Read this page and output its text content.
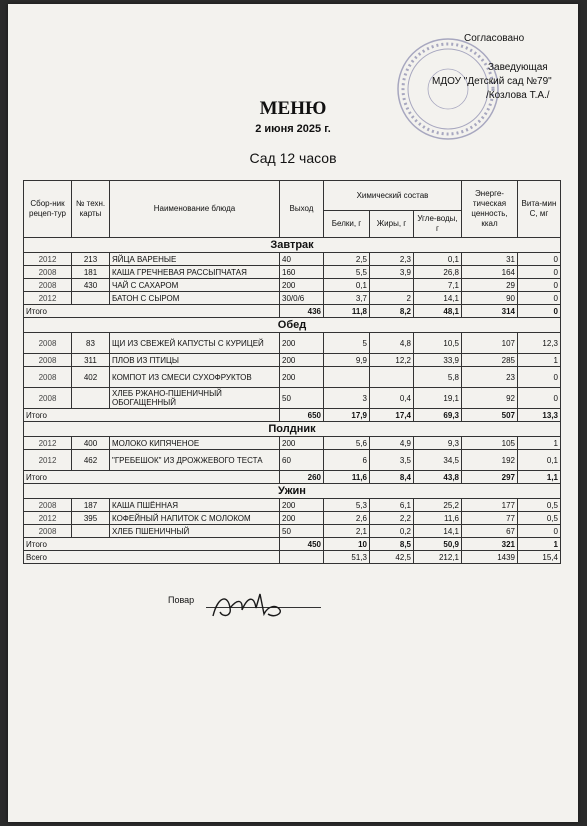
Согласовано
Заведующая
МДОУ "Детский сад №79"
/Козлова Т.А./
МЕНЮ
2 июня 2025 г.
Сад 12 часов
Сбор-ник рецеп-тур	№ техн. карты	Наименование блюда	Выход	Химический состав			Энерге-тическая ценность, ккал	Вита-мин С, мг
				Белки, г	Жиры, г	Угле-воды, г		
Завтрак								
2012	213	ЯЙЦА ВАРЕНЫЕ	40	2,5	2,3	0,1	31	0
2008	181	КАША ГРЕЧНЕВАЯ РАССЫПЧАТАЯ	160	5,5	3,9	26,8	164	0
2008	430	ЧАЙ С САХАРОМ	200	0,1		7,1	29	0
2012		БАТОН С СЫРОМ	30/0/6	3,7	2	14,1	90	0
Итого			436	11,8	8,2	48,1	314	0
Обед								
2008	83	ЩИ ИЗ СВЕЖЕЙ КАПУСТЫ С КУРИЦЕЙ	200	5	4,8	10,5	107	12,3
2008	311	ПЛОВ ИЗ ПТИЦЫ	200	9,9	12,2	33,9	285	1
2008	402	КОМПОТ ИЗ СМЕСИ СУХОФРУКТОВ	200			5,8	23	0
2008		ХЛЕБ РЖАНО-ПШЕНИЧНЫЙ ОБОГАЩЕННЫЙ	50	3	0,4	19,1	92	0
Итого			650	17,9	17,4	69,3	507	13,3
Полдник								
2012	400	МОЛОКО КИПЯЧЕНОЕ	200	5,6	4,9	9,3	105	1
2012	462	"ГРЕБЕШОК" ИЗ ДРОЖЖЕВОГО ТЕСТА	60	6	3,5	34,5	192	0,1
Итого			260	11,6	8,4	43,8	297	1,1
Ужин								
2008	187	КАША ПШЁННАЯ	200	5,3	6,1	25,2	177	0,5
2012	395	КОФЕЙНЫЙ НАПИТОК С МОЛОКОМ	200	2,6	2,2	11,6	77	0,5
2008		ХЛЕБ ПШЕНИЧНЫЙ	50	2,1	0,2	14,1	67	0
Итого			450	10	8,5	50,9	321	1
Всего				51,3	42,5	212,1	1439	15,4
Повар
